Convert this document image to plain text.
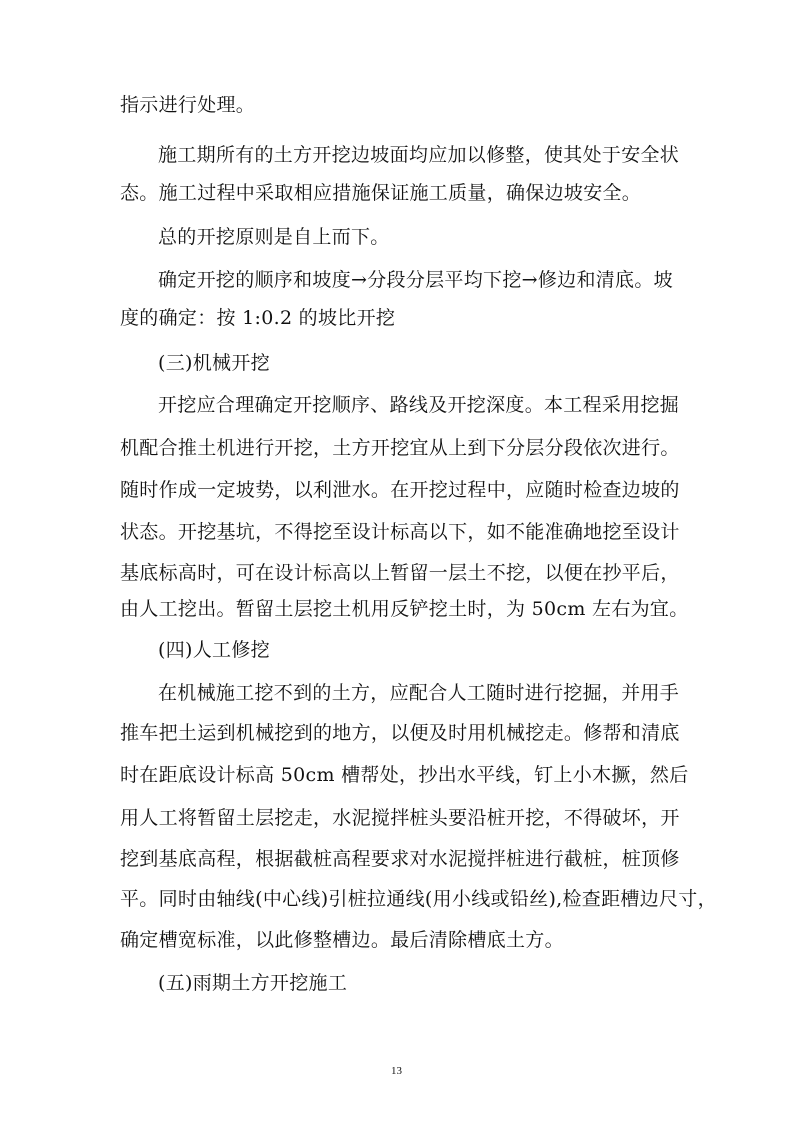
指示进行处理。
施工期所有的土方开挖边坡面均应加以修整，使其处于安全状
态。施工过程中采取相应措施保证施工质量，确保边坡安全。
总的开挖原则是自上而下。
确定开挖的顺序和坡度→分段分层平均下挖→修边和清底。坡
度的确定：按 1:0.2 的坡比开挖
(三)机械开挖
开挖应合理确定开挖顺序、路线及开挖深度。本工程采用挖掘
机配合推土机进行开挖，土方开挖宜从上到下分层分段依次进行。
随时作成一定坡势，以利泄水。在开挖过程中，应随时检查边坡的
状态。开挖基坑，不得挖至设计标高以下，如不能准确地挖至设计
基底标高时，可在设计标高以上暂留一层土不挖，以便在抄平后，
由人工挖出。暂留土层挖土机用反铲挖土时，为 50cm 左右为宜。
(四)人工修挖
在机械施工挖不到的土方，应配合人工随时进行挖掘，并用手
推车把土运到机械挖到的地方，以便及时用机械挖走。修帮和清底
时在距底设计标高 50cm 槽帮处，抄出水平线，钉上小木撅，然后
用人工将暂留土层挖走，水泥搅拌桩头要沿桩开挖，不得破坏，开
挖到基底高程，根据截桩高程要求对水泥搅拌桩进行截桩，桩顶修
平。同时由轴线(中心线)引桩拉通线(用小线或铅丝),检查距槽边尺寸，
确定槽宽标准，以此修整槽边。最后清除槽底土方。
(五)雨期土方开挖施工
13
